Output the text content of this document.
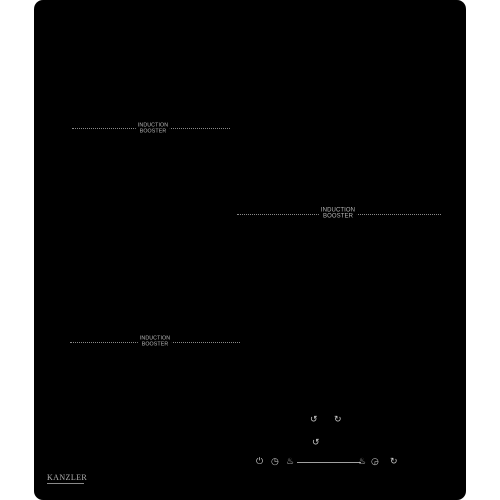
INDUCTION
BOOSTER
INDUCTION
BOOSTER
INDUCTION
BOOSTER
↺ ↻
↺
⏻ ◷ ♨	♨ ◶ ↻
KANZLER
